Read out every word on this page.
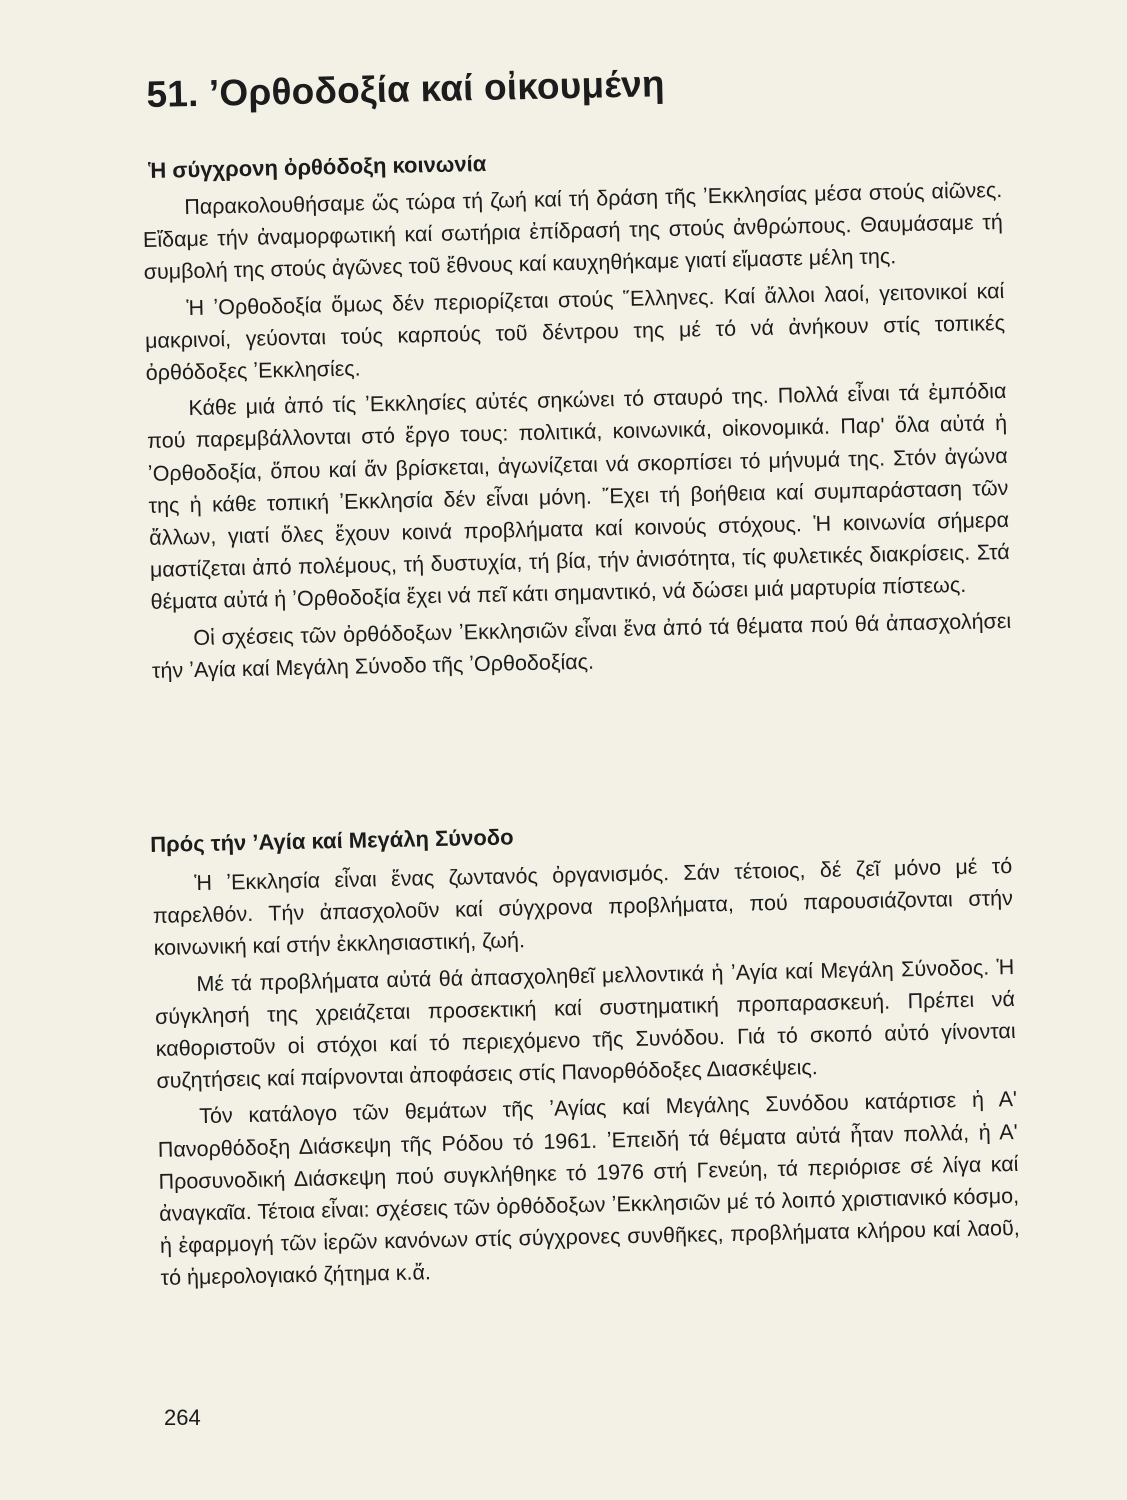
51. ʼΟρθοδοξία καί οἰκουμένη
Ἡ σύγχρονη ὀρθόδοξη κοινωνία

Παρακολουθήσαμε ὥς τώρα τή ζωή καί τή δράση τῆς ʼΕκκλησίας μέσα στούς αἰῶνες. Εἴδαμε τήν ἀναμορφωτική καί σωτήρια ἐπίδρασή της στούς ἀνθρώπους. Θαυμάσαμε τή συμβολή της στούς ἀγῶνες τοῦ ἔθνους καί καυχηθήκαμε γιατί εἴμαστε μέλη της.

Ἡ ʼΟρθοδοξία ὅμως δέν περιορίζεται στούς ῞Ελληνες. Καί ἄλλοι λαοί, γειτονικοί καί μακρινοί, γεύονται τούς καρπούς τοῦ δέντρου της μέ τό νά ἀνήκουν στίς τοπικές ὀρθόδοξες ʼΕκκλησίες.

Κάθε μιά ἀπό τίς ʼΕκκλησίες αὐτές σηκώνει τό σταυρό της. Πολλά εἶναι τά ἐμπόδια πού παρεμβάλλονται στό ἔργο τους: πολιτικά, κοινωνικά, οἰκονομικά. Παρ' ὅλα αὐτά ἡ ʼΟρθοδοξία, ὅπου καί ἄν βρίσκεται, ἀγωνίζεται νά σκορπίσει τό μήνυμά της. Στόν ἀγώνα της ἡ κάθε τοπική ʼΕκκλησία δέν εἶναι μόνη. ῎Εχει τή βοήθεια καί συμπαράσταση τῶν ἄλλων, γιατί ὅλες ἔχουν κοινά προβλήματα καί κοινούς στόχους. Ἡ κοινωνία σήμερα μαστίζεται ἀπό πολέμους, τή δυστυχία, τή βία, τήν ἀνισότητα, τίς φυλετικές διακρίσεις. Στά θέματα αὐτά ἡ ʼΟρθοδοξία ἔχει νά πεῖ κάτι σημαντικό, νά δώσει μιά μαρτυρία πίστεως.

Οἱ σχέσεις τῶν ὀρθόδοξων ʼΕκκλησιῶν εἶναι ἕνα ἀπό τά θέματα πού θά ἀπασχολήσει τήν ʼΑγία καί Μεγάλη Σύνοδο τῆς ʼΟρθοδοξίας.

Πρός τήν ʼΑγία καί Μεγάλη Σύνοδο

Ἡ ʼΕκκλησία εἶναι ἕνας ζωντανός ὀργανισμός. Σάν τέτοιος, δέ ζεῖ μόνο μέ τό παρελθόν. Τήν ἀπασχολοῦν καί σύγχρονα προβλήματα, πού παρουσιάζονται στήν κοινωνική καί στήν ἐκκλησιαστική, ζωή.

Μέ τά προβλήματα αὐτά θά ἀπασχοληθεῖ μελλοντικά ἡ ʼΑγία καί Μεγάλη Σύνοδος. Ἡ σύγκλησή της χρειάζεται προσεκτική καί συστηματική προπαρασκευή. Πρέπει νά καθοριστοῦν οἱ στόχοι καί τό περιεχόμενο τῆς Συνόδου. Γιά τό σκοπό αὐτό γίνονται συζητήσεις καί παίρνονται ἀποφάσεις στίς Πανορθόδοξες Διασκέψεις.

Τόν κατάλογο τῶν θεμάτων τῆς ʼΑγίας καί Μεγάλης Συνόδου κατάρτισε ἡ Α' Πανορθόδοξη Διάσκεψη τῆς Ρόδου τό 1961. ʼΕπειδή τά θέματα αὐτά ἦταν πολλά, ἡ Α' Προσυνοδική Διάσκεψη πού συγκλήθηκε τό 1976 στή Γενεύη, τά περιόρισε σέ λίγα καί ἀναγκαῖα. Τέτοια εἶναι: σχέσεις τῶν ὀρθόδοξων ʼΕκκλησιῶν μέ τό λοιπό χριστιανικό κόσμο, ἡ ἐφαρμογή τῶν ἱερῶν κανόνων στίς σύγχρονες συνθῆκες, προβλήματα κλήρου καί λαοῦ, τό ἡμερολογιακό ζήτημα κ.ἄ.

264
